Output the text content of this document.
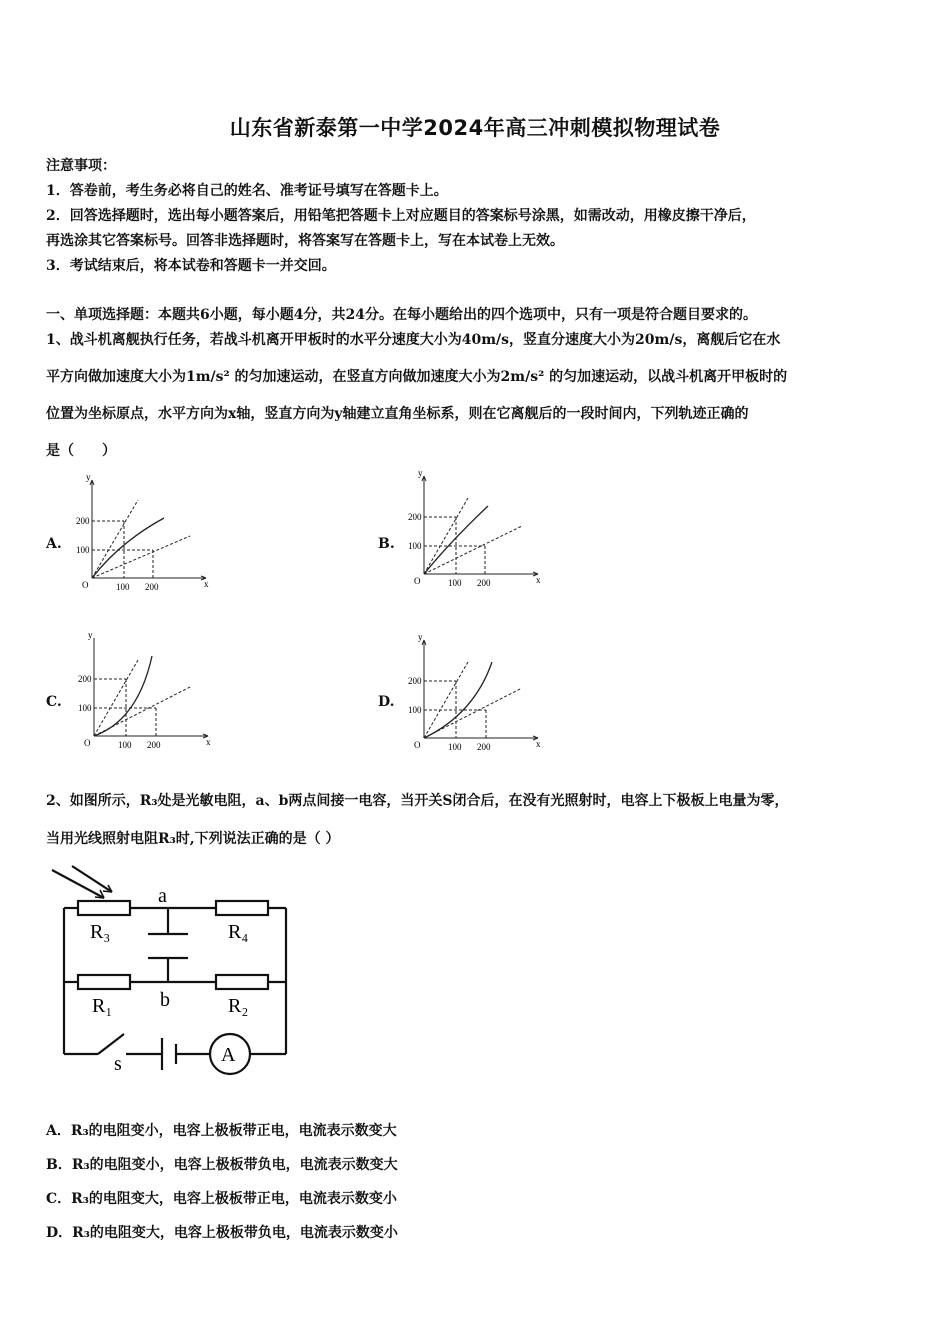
山东省新泰第一中学2024年高三冲刺模拟物理试卷
注意事项：
1．答卷前，考生务必将自己的姓名、准考证号填写在答题卡上。
2．回答选择题时，选出每小题答案后，用铅笔把答题卡上对应题目的答案标号涂黑，如需改动，用橡皮擦干净后，
再选涂其它答案标号。回答非选择题时，将答案写在答题卡上，写在本试卷上无效。
3．考试结束后，将本试卷和答题卡一并交回。
一、单项选择题：本题共6小题，每小题4分，共24分。在每小题给出的四个选项中，只有一项是符合题目要求的。
1、战斗机离舰执行任务，若战斗机离开甲板时的水平分速度大小为40m/s，竖直分速度大小为20m/s，离舰后它在水
平方向做加速度大小为1m/s² 的匀加速运动，在竖直方向做加速度大小为2m/s² 的匀加速运动，以战斗机离开甲板时的
位置为坐标原点，水平方向为x轴，竖直方向为y轴建立直角坐标系，则在它离舰后的一段时间内，下列轨迹正确的
是（　　）
A.	B.
C.	D.
y
x
O
100
200
100 200
y
x
O
100
200
100 200
y
x
O
100
200
100 200
y
x
O
100
200
100 200
2、如图所示，R₃处是光敏电阻，a、b两点间接一电容，当开关S闭合后，在没有光照射时，电容上下极板上电量为零，
当用光线照射电阻R₃时,下列说法正确的是（ ）
a
b
R₃	R₄
R₁	R₂
s	A
A．R₃的电阻变小，电容上极板带正电，电流表示数变大
B．R₃的电阻变小，电容上极板带负电，电流表示数变大
C．R₃的电阻变大，电容上极板带正电，电流表示数变小
D．R₃的电阻变大，电容上极板带负电，电流表示数变小
